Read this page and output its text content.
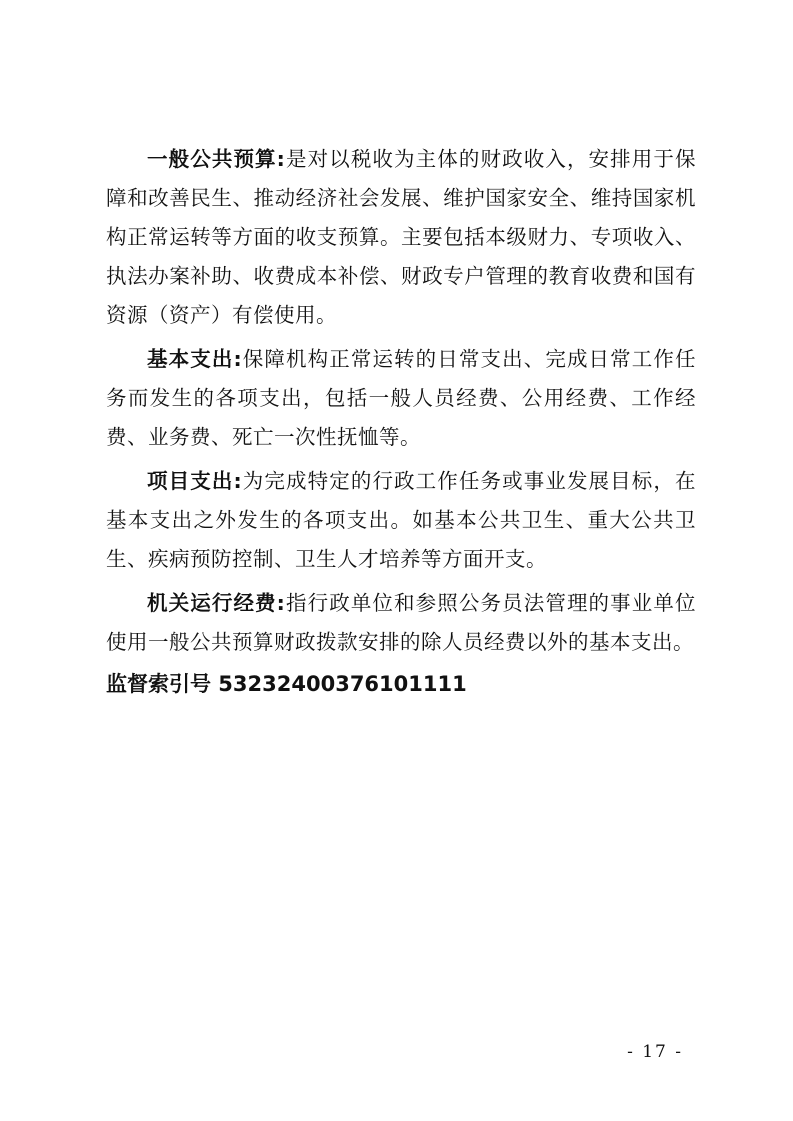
一般公共预算:是对以税收为主体的财政收入，安排用于保障和改善民生、推动经济社会发展、维护国家安全、维持国家机构正常运转等方面的收支预算。主要包括本级财力、专项收入、执法办案补助、收费成本补偿、财政专户管理的教育收费和国有资源（资产）有偿使用。

基本支出:保障机构正常运转的日常支出、完成日常工作任务而发生的各项支出，包括一般人员经费、公用经费、工作经费、业务费、死亡一次性抚恤等。

项目支出:为完成特定的行政工作任务或事业发展目标，在基本支出之外发生的各项支出。如基本公共卫生、重大公共卫生、疾病预防控制、卫生人才培养等方面开支。

机关运行经费:指行政单位和参照公务员法管理的事业单位使用一般公共预算财政拨款安排的除人员经费以外的基本支出。

监督索引号 53232400376101111

- 17 -
